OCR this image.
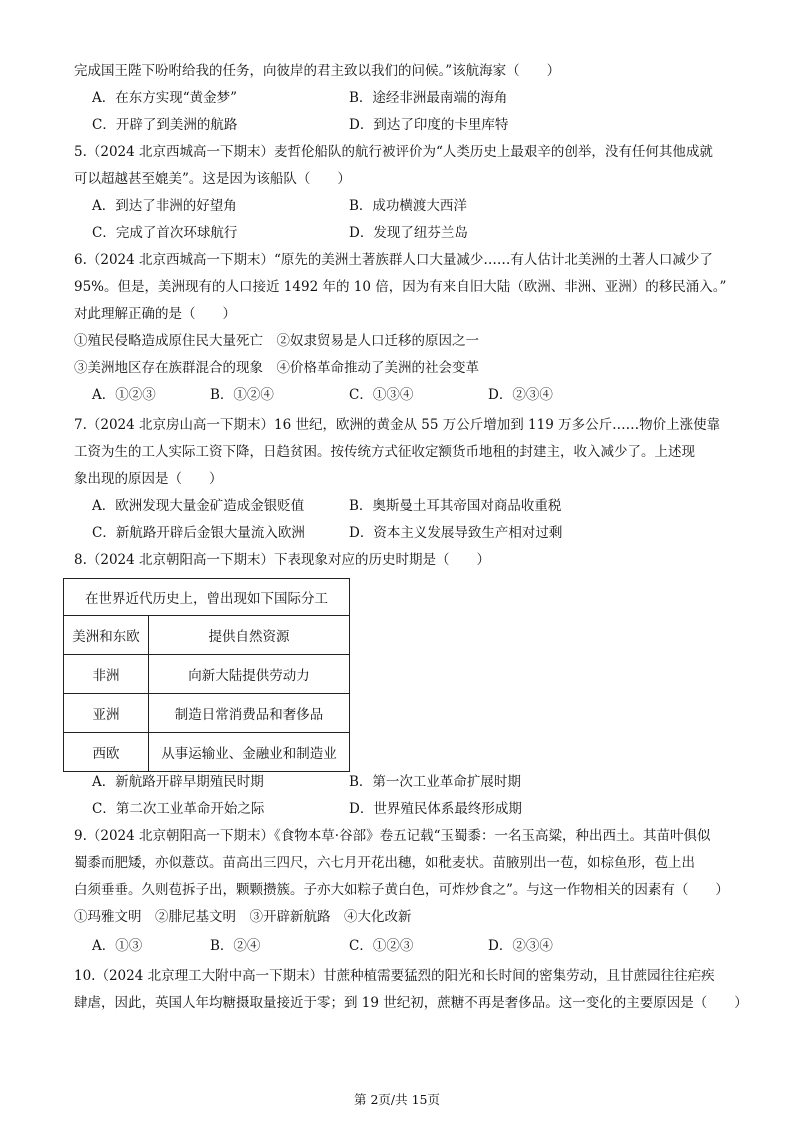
完成国王陛下吩咐给我的任务，向彼岸的君主致以我们的问候。”该航海家（　　）
A．在东方实现“黄金梦”	B．途经非洲最南端的海角
C．开辟了到美洲的航路	D．到达了印度的卡里库特
5.（2024 北京西城高一下期末）麦哲伦船队的航行被评价为“人类历史上最艰辛的创举，没有任何其他成就
可以超越甚至媲美”。这是因为该船队（　　）
A．到达了非洲的好望角	B．成功横渡大西洋
C．完成了首次环球航行	D．发现了纽芬兰岛
6.（2024 北京西城高一下期末）“原先的美洲土著族群人口大量减少……有人估计北美洲的土著人口减少了
95%。但是，美洲现有的人口接近 1492 年的 10 倍，因为有来自旧大陆（欧洲、非洲、亚洲）的移民涌入。”
对此理解正确的是（　　）
①殖民侵略造成原住民大量死亡　②奴隶贸易是人口迁移的原因之一
③美洲地区存在族群混合的现象　④价格革命推动了美洲的社会变革
A．①②③	B．①②④	C．①③④	D．②③④
7.（2024 北京房山高一下期末）16 世纪，欧洲的黄金从 55 万公斤增加到 119 万多公斤……物价上涨使靠
工资为生的工人实际工资下降，日趋贫困。按传统方式征收定额货币地租的封建主，收入减少了。上述现
象出现的原因是（　　）
A．欧洲发现大量金矿造成金银贬值	B．奥斯曼土耳其帝国对商品收重税
C．新航路开辟后金银大量流入欧洲	D．资本主义发展导致生产相对过剩
8.（2024 北京朝阳高一下期末）下表现象对应的历史时期是（　　）
在世界近代历史上，曾出现如下国际分工	
美洲和东欧	提供自然资源
非洲	向新大陆提供劳动力
亚洲	制造日常消费品和奢侈品
西欧	从事运输业、金融业和制造业
A．新航路开辟早期殖民时期	B．第一次工业革命扩展时期
C．第二次工业革命开始之际	D．世界殖民体系最终形成期
9.（2024 北京朝阳高一下期末）《食物本草·谷部》卷五记载“玉蜀黍：一名玉高粱，种出西土。其苗叶俱似
蜀黍而肥矮，亦似薏苡。苗高出三四尺，六七月开花出穗，如秕麦状。苗腋别出一苞，如棕鱼形，苞上出
白须垂垂。久则苞拆子出，颗颗攒簇。子亦大如粽子黄白色，可炸炒食之”。与这一作物相关的因素有（　　）
①玛雅文明　②腓尼基文明　③开辟新航路　④大化改新
A．①③	B．②④	C．①②③	D．②③④
10.（2024 北京理工大附中高一下期末）甘蔗种植需要猛烈的阳光和长时间的密集劳动，且甘蔗园往往疟疾
肆虐，因此，英国人年均糖摄取量接近于零；到 19 世纪初，蔗糖不再是奢侈品。这一变化的主要原因是（　　）
第 2页/共 15页
